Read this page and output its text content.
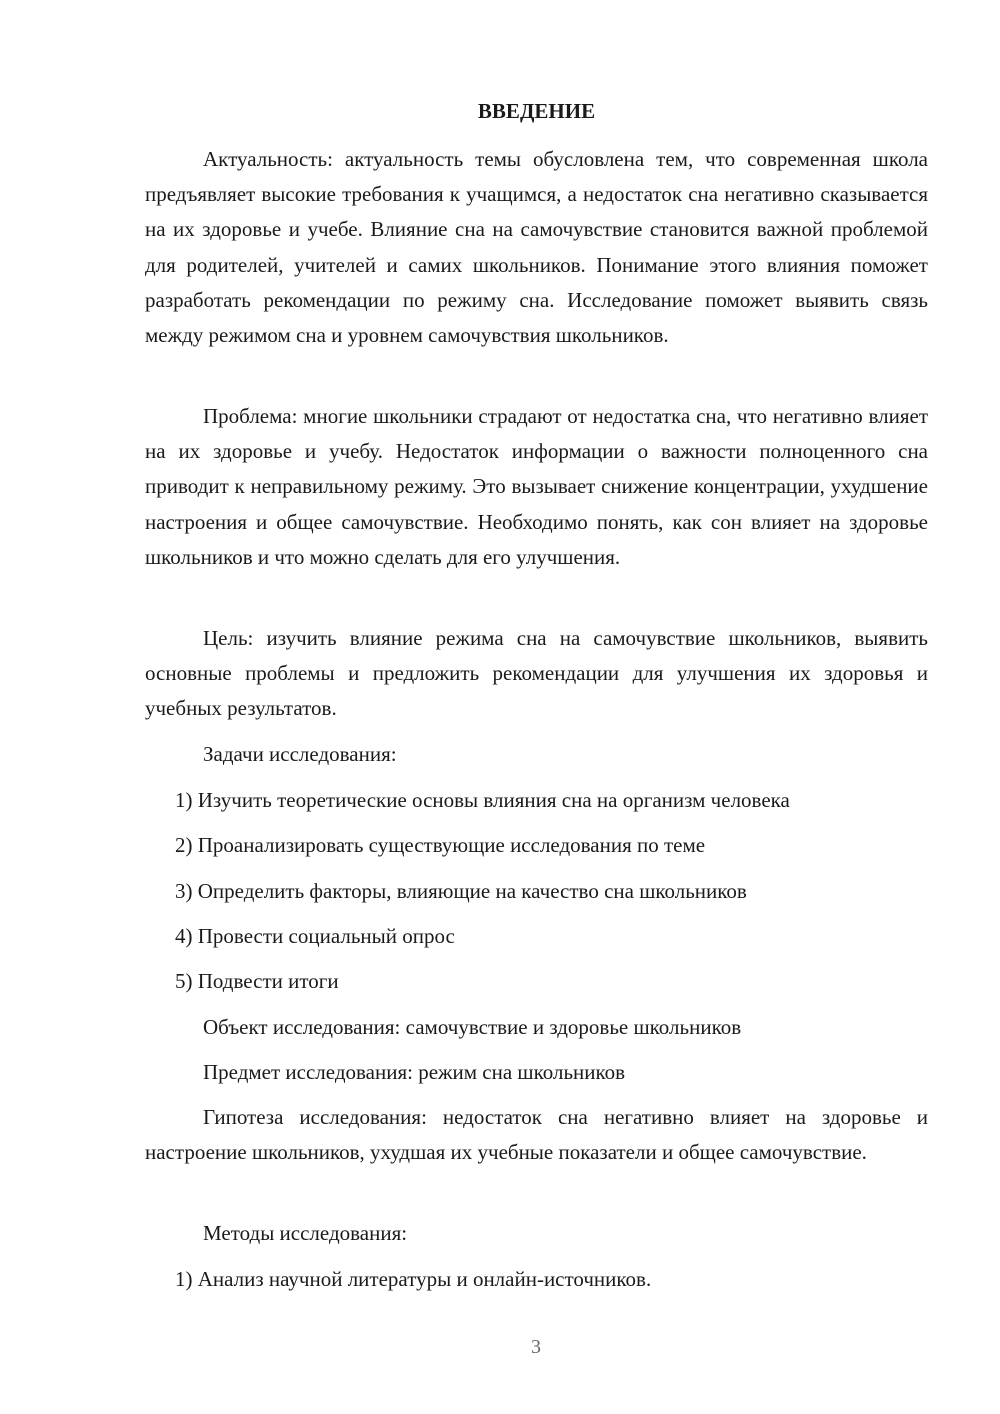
ВВЕДЕНИЕ

Актуальность: актуальность темы обусловлена тем, что современная школа предъявляет высокие требования к учащимся, а недостаток сна негативно сказывается на их здоровье и учебе. Влияние сна на самочувствие становится важной проблемой для родителей, учителей и самих школьников. Понимание этого влияния поможет разработать рекомендации по режиму сна. Исследование поможет выявить связь между режимом сна и уровнем самочувствия школьников.

Проблема: многие школьники страдают от недостатка сна, что негативно влияет на их здоровье и учебу. Недостаток информации о важности полноценного сна приводит к неправильному режиму. Это вызывает снижение концентрации, ухудшение настроения и общее самочувствие. Необходимо понять, как сон влияет на здоровье школьников и что можно сделать для его улучшения.

Цель: изучить влияние режима сна на самочувствие школьников, выявить основные проблемы и предложить рекомендации для улучшения их здоровья и учебных результатов.

Задачи исследования:
1) Изучить теоретические основы влияния сна на организм человека
2) Проанализировать существующие исследования по теме
3) Определить факторы, влияющие на качество сна школьников
4) Провести социальный опрос
5) Подвести итоги
Объект исследования: самочувствие и здоровье школьников
Предмет исследования: режим сна школьников

Гипотеза исследования: недостаток сна негативно влияет на здоровье и настроение школьников, ухудшая их учебные показатели и общее самочувствие.

Методы исследования:
1) Анализ научной литературы и онлайн-источников.
3
